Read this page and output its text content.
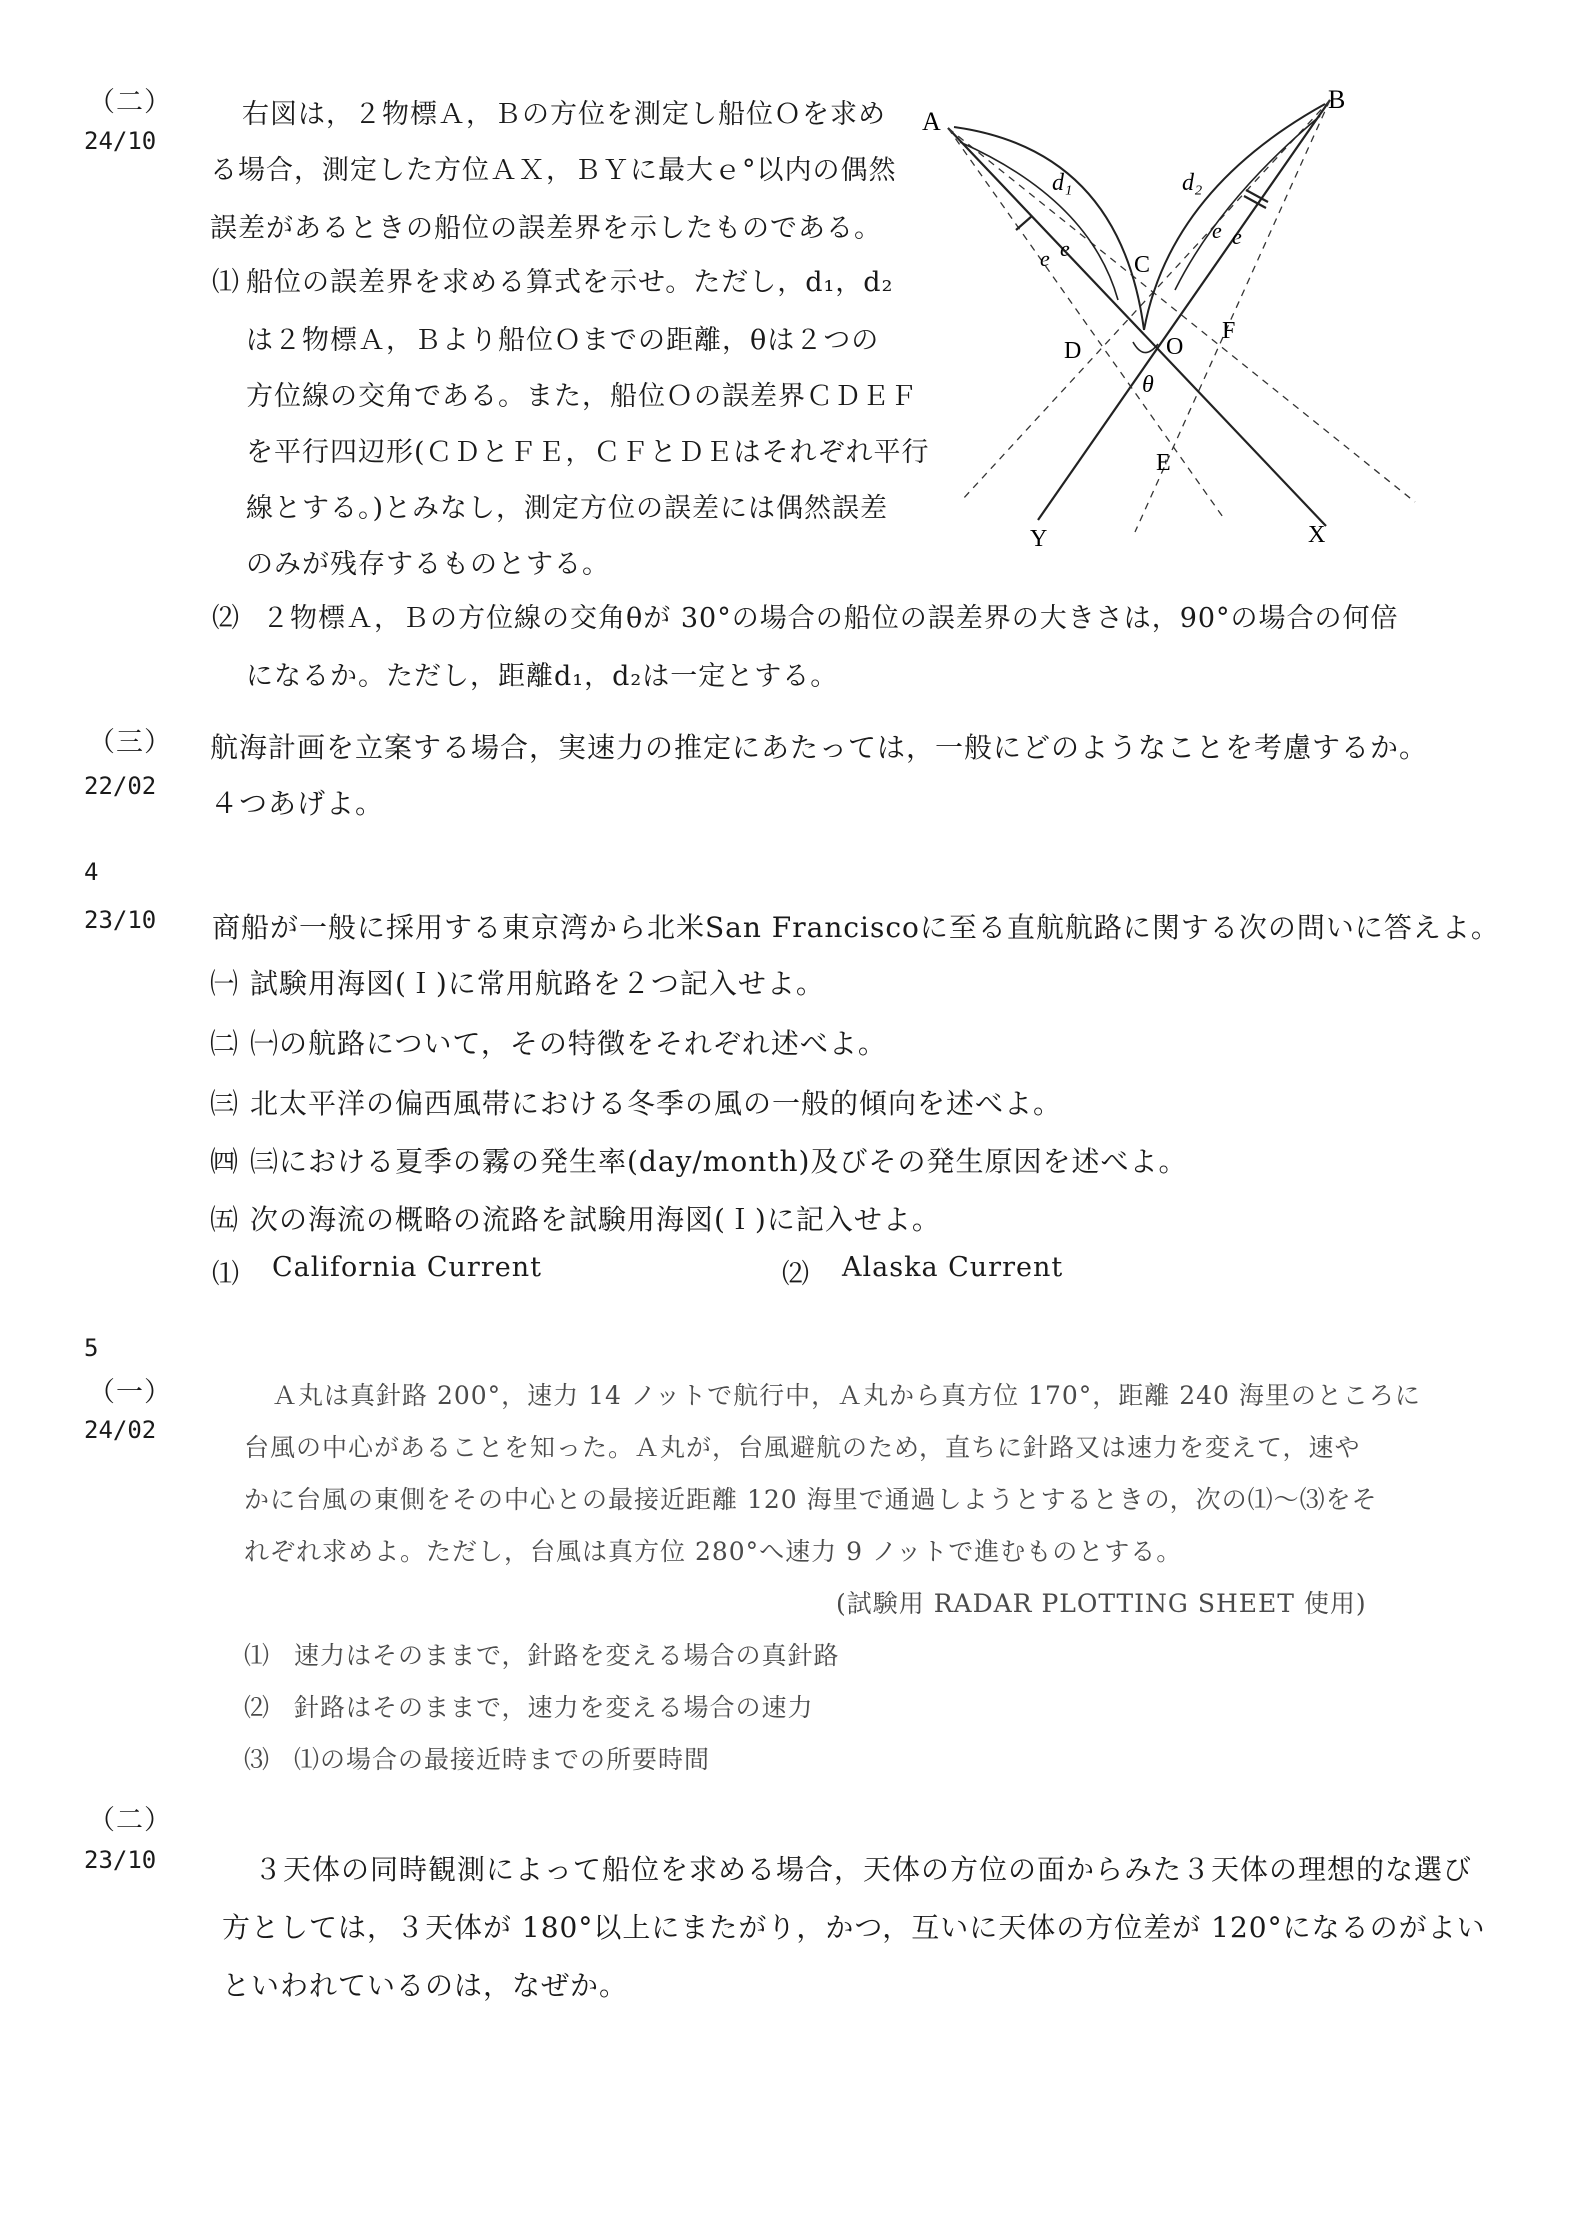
（二）
24/10
右図は，２物標Ａ，Ｂの方位を測定し船位Ｏを求め
る場合，測定した方位ＡＸ，ＢＹに最大ｅ°以内の偶然
誤差があるときの船位の誤差界を示したものである。
⑴ 船位の誤差界を求める算式を示せ。ただし，d₁，d₂
は２物標Ａ，Ｂより船位Ｏまでの距離，θは２つの
方位線の交角である。また，船位Ｏの誤差界ＣＤＥＦ
を平行四辺形(ＣＤとＦＥ，ＣＦとＤＥはそれぞれ平行
線とする。)とみなし，測定方位の誤差には偶然誤差
のみが残存するものとする。
⑵ ２物標Ａ，Ｂの方位線の交角θが 30°の場合の船位の誤差界の大きさは，90°の場合の何倍
になるか。ただし，距離d₁，d₂は一定とする。
A
B
d₁	d₂
e e
e e
C
D	O
F
θ
E
Y	X
（三）
22/02
航海計画を立案する場合，実速力の推定にあたっては，一般にどのようなことを考慮するか。
４つあげよ。
4
23/10 商船が一般に採用する東京湾から北米San Franciscoに至る直航航路に関する次の問いに答えよ。
㈠ 試験用海図(Ｉ)に常用航路を２つ記入せよ。
㈡ ㈠の航路について，その特徴をそれぞれ述べよ。
㈢ 北太平洋の偏西風帯における冬季の風の一般的傾向を述べよ。
㈣ ㈢における夏季の霧の発生率(day/month)及びその発生原因を述べよ。
㈤ 次の海流の概略の流路を試験用海図(Ｉ)に記入せよ。
⑴ California Current	⑵ Alaska Current
5
（一）
24/02
Ａ丸は真針路 200°，速力 14 ノットで航行中，Ａ丸から真方位 170°，距離 240 海里のところに
台風の中心があることを知った。Ａ丸が，台風避航のため，直ちに針路又は速力を変えて，速や
かに台風の東側をその中心との最接近距離 120 海里で通過しようとするときの，次の⑴～⑶をそ
れぞれ求めよ。ただし，台風は真方位 280°へ速力 9 ノットで進むものとする。
(試験用 RADAR PLOTTING SHEET 使用)
⑴ 速力はそのままで，針路を変える場合の真針路
⑵ 針路はそのままで，速力を変える場合の速力
⑶ ⑴の場合の最接近時までの所要時間
（二）
23/10	３天体の同時観測によって船位を求める場合，天体の方位の面からみた３天体の理想的な選び
方としては，３天体が 180°以上にまたがり，かつ，互いに天体の方位差が 120°になるのがよい
といわれているのは，なぜか。
